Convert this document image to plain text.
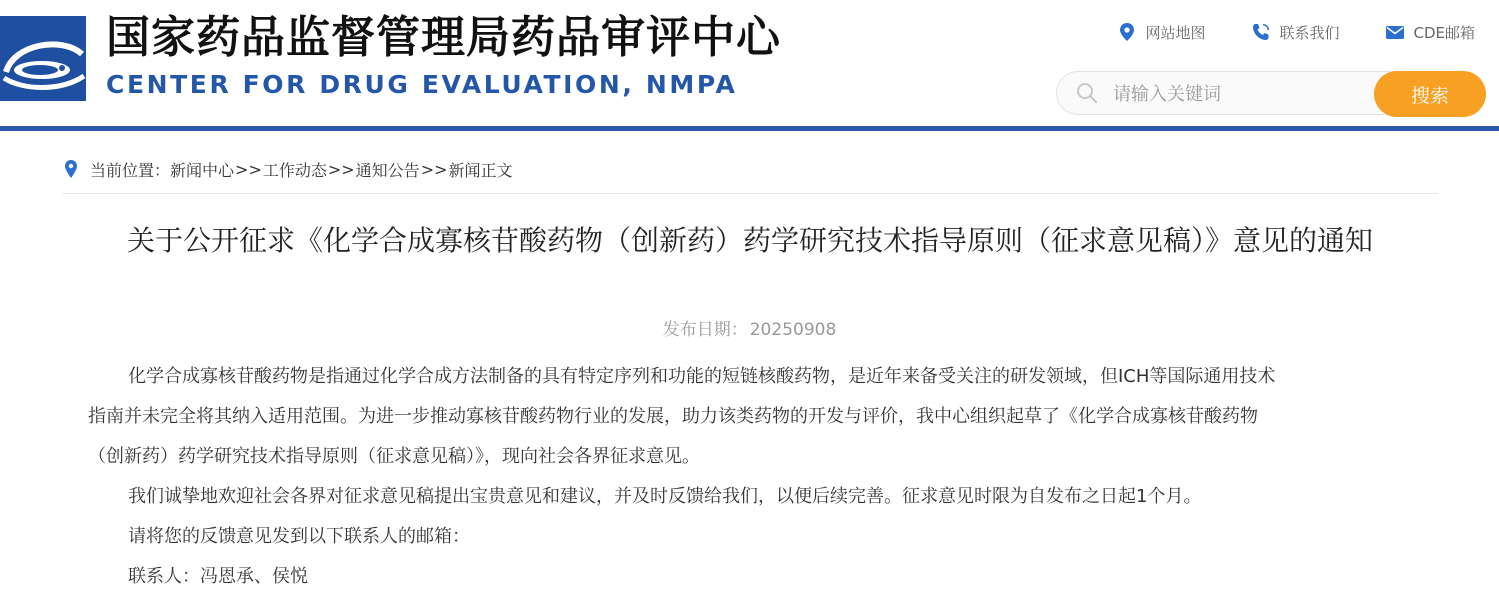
国家药品监督管理局药品审评中心
CENTER FOR DRUG EVALUATION, NMPA
网站地图	联系我们	CDE邮箱
请输入关键词
搜索
当前位置： 新闻中心 >> 工作动态 >> 通知公告 >> 新闻正文
关于公开征求《化学合成寡核苷酸药物（创新药）药学研究技术指导原则（征求意见稿）》意见的通知
发布日期： 20250908

化学合成寡核苷酸药物是指通过化学合成方法制备的具有特定序列和功能的短链核酸药物，是近年来备受关注的研发领域，但ICH等国际通用技术
指南并未完全将其纳入适用范围。为进一步推动寡核苷酸药物行业的发展，助力该类药物的开发与评价，我中心组织起草了《化学合成寡核苷酸药物
（创新药）药学研究技术指导原则（征求意见稿）》，现向社会各界征求意见。

我们诚挚地欢迎社会各界对征求意见稿提出宝贵意见和建议，并及时反馈给我们，以便后续完善。征求意见时限为自发布之日起1个月。

请将您的反馈意见发到以下联系人的邮箱：

联系人：冯恩承、侯悦
